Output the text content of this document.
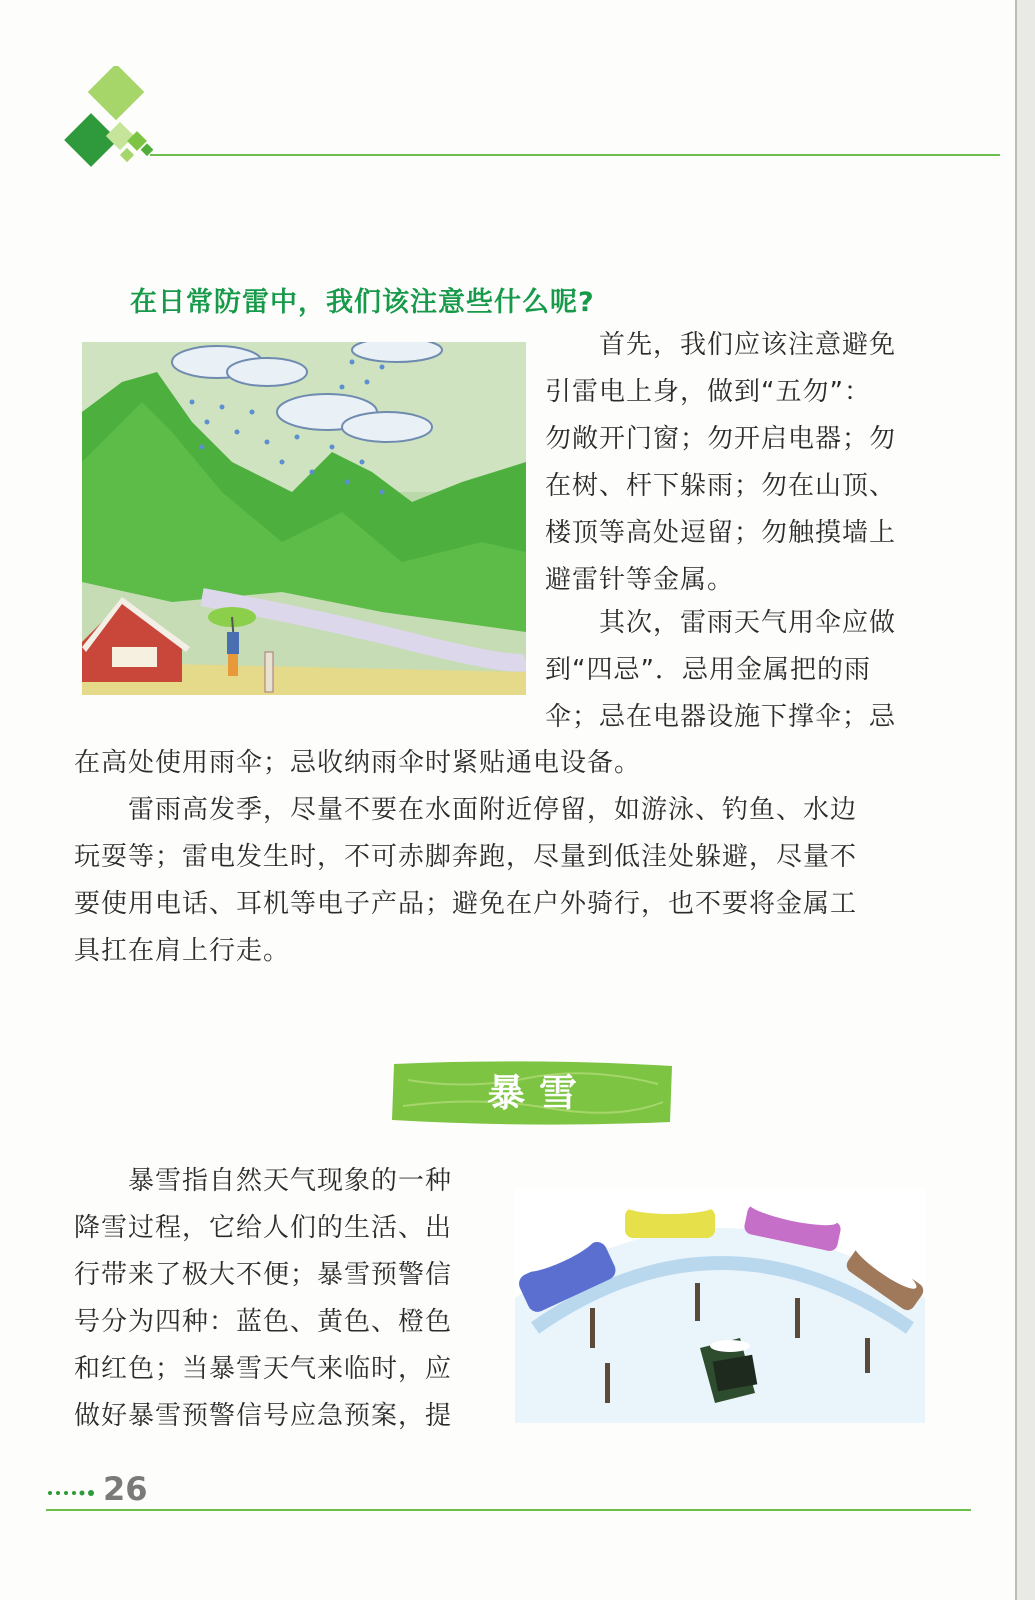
在日常防雷中，我们该注意些什么呢?

首先，我们应该注意避免

引雷电上身，做到“五勿”：

勿敞开门窗；勿开启电器；勿

在树、杆下躲雨；勿在山顶、

楼顶等高处逗留；勿触摸墙上

避雷针等金属。

其次，雷雨天气用伞应做

到“四忌”．忌用金属把的雨

伞；忌在电器设施下撑伞；忌

在高处使用雨伞；忌收纳雨伞时紧贴通电设备。

雷雨高发季，尽量不要在水面附近停留，如游泳、钓鱼、水边

玩耍等；雷电发生时，不可赤脚奔跑，尽量到低洼处躲避，尽量不

要使用电话、耳机等电子产品；避免在户外骑行，也不要将金属工

具扛在肩上行走。

暴雪

暴雪指自然天气现象的一种

降雪过程，它给人们的生活、出

行带来了极大不便；暴雪预警信

号分为四种：蓝色、黄色、橙色

和红色；当暴雪天气来临时，应

做好暴雪预警信号应急预案，提

26
